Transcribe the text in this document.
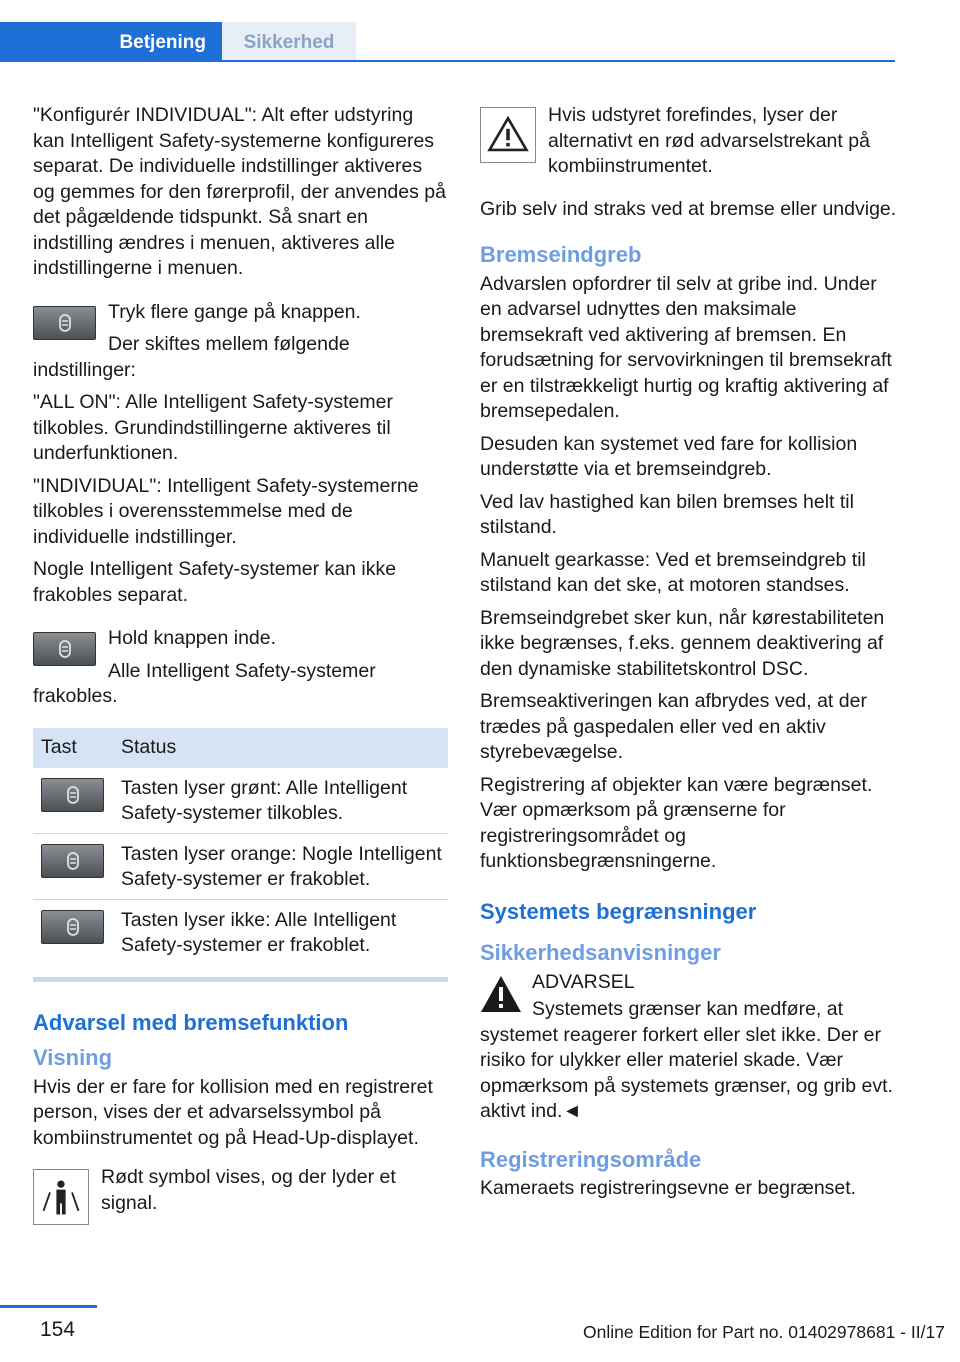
Betjening	Sikkerhed

"Konfigurér INDIVIDUAL": Alt efter udstyring kan Intelligent Safety-systemerne konfigureres separat. De individuelle indstillinger aktiveres og gemmes for den førerprofil, der anvendes på det pågældende tidspunkt. Så snart en indstilling ændres i menuen, aktiveres alle indstillingerne i menuen.

Tryk flere gange på knappen.

Der skiftes mellem følgende indstillinger:

"ALL ON": Alle Intelligent Safety-systemer tilkobles. Grundindstillingerne aktiveres til underfunktionen.

"INDIVIDUAL": Intelligent Safety-systemerne tilkobles i overensstemmelse med de individuelle indstillinger.

Nogle Intelligent Safety-systemer kan ikke frakobles separat.

Hold knappen inde.

Alle Intelligent Safety-systemer frakobles.

Tast	Status

	Tasten lyser grønt: Alle Intelligent Safety-systemer tilkobles.

	Tasten lyser orange: Nogle Intelligent Safety-systemer er frakoblet.

	Tasten lyser ikke: Alle Intelligent Safety-systemer er frakoblet.
Advarsel med bremsefunktion
Visning

Hvis der er fare for kollision med en registreret person, vises der et advarselssymbol på kombiinstrumentet og på Head-Up-displayet.

Rødt symbol vises, og der lyder et signal.

Hvis udstyret forefindes, lyser der alternativt en rød advarselstrekant på kombiinstrumentet.

Grib selv ind straks ved at bremse eller undvige.

Bremseindgreb

Advarslen opfordrer til selv at gribe ind. Under en advarsel udnyttes den maksimale bremsekraft ved aktivering af bremsen. En forudsætning for servovirkningen til bremsekraft er en tilstrækkeligt hurtig og kraftig aktivering af bremsepedalen.

Desuden kan systemet ved fare for kollision understøtte via et bremseindgreb.

Ved lav hastighed kan bilen bremses helt til stilstand.

Manuelt gearkasse: Ved et bremseindgreb til stilstand kan det ske, at motoren standses.

Bremseindgrebet sker kun, når kørestabiliteten ikke begrænses, f.eks. gennem deaktivering af den dynamiske stabilitetskontrol DSC.

Bremseaktiveringen kan afbrydes ved, at der trædes på gaspedalen eller ved en aktiv styrebevægelse.

Registrering af objekter kan være begrænset. Vær opmærksom på grænserne for registreringsområdet og funktionsbegrænsningerne.

Systemets begrænsninger
Sikkerhedsanvisninger

ADVARSEL

Systemets grænser kan medføre, at systemet reagerer forkert eller slet ikke. Der er risiko for ulykker eller materiel skade. Vær opmærksom på systemets grænser, og grib evt. aktivt ind.◄

Registreringsområde

Kameraets registreringsevne er begrænset.

154	Online Edition for Part no. 01402978681 - II/17
